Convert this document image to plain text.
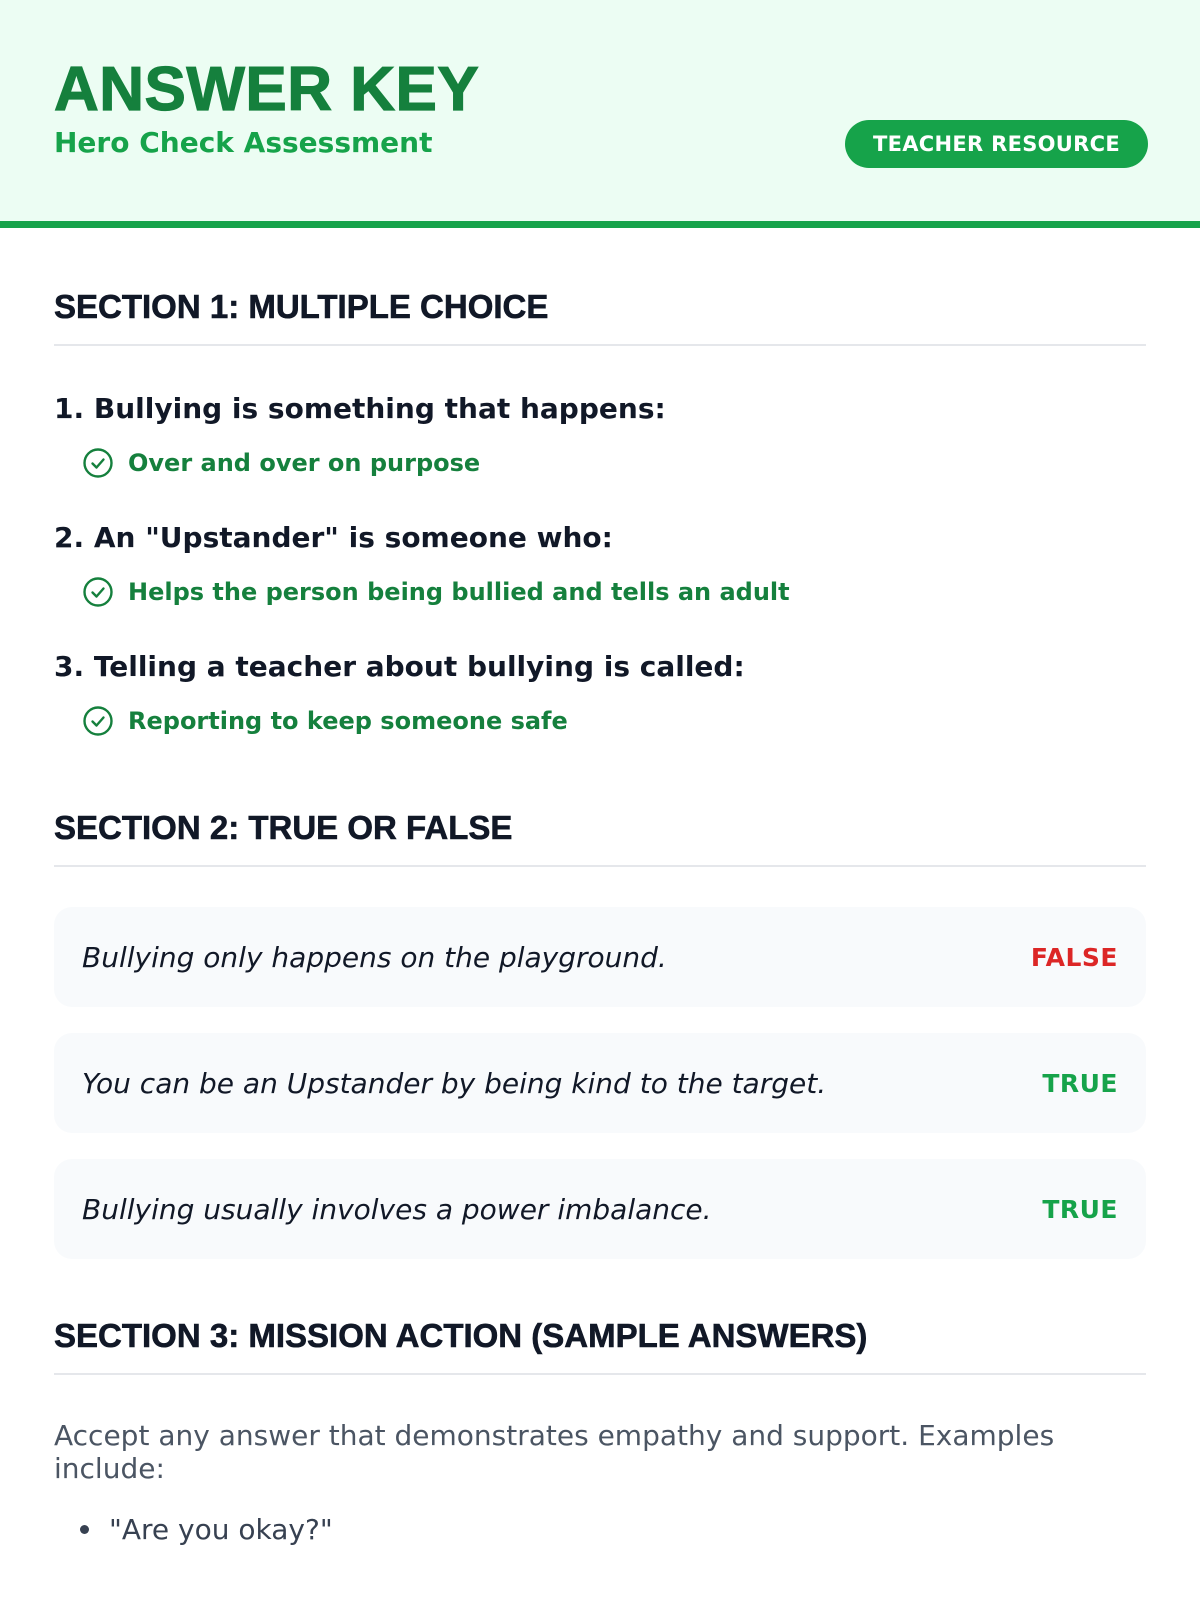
ANSWER KEY
Hero Check Assessment	TEACHER RESOURCE
SECTION 1: MULTIPLE CHOICE
1. Bullying is something that happens:
Over and over on purpose
2. An "Upstander" is someone who:
Helps the person being bullied and tells an adult
3. Telling a teacher about bullying is called:
Reporting to keep someone safe
SECTION 2: TRUE OR FALSE
Bullying only happens on the playground.	FALSE
You can be an Upstander by being kind to the target.	TRUE
Bullying usually involves a power imbalance.	TRUE
SECTION 3: MISSION ACTION (SAMPLE ANSWERS)

Accept any answer that demonstrates empathy and support. Examples include:

"Are you okay?"
